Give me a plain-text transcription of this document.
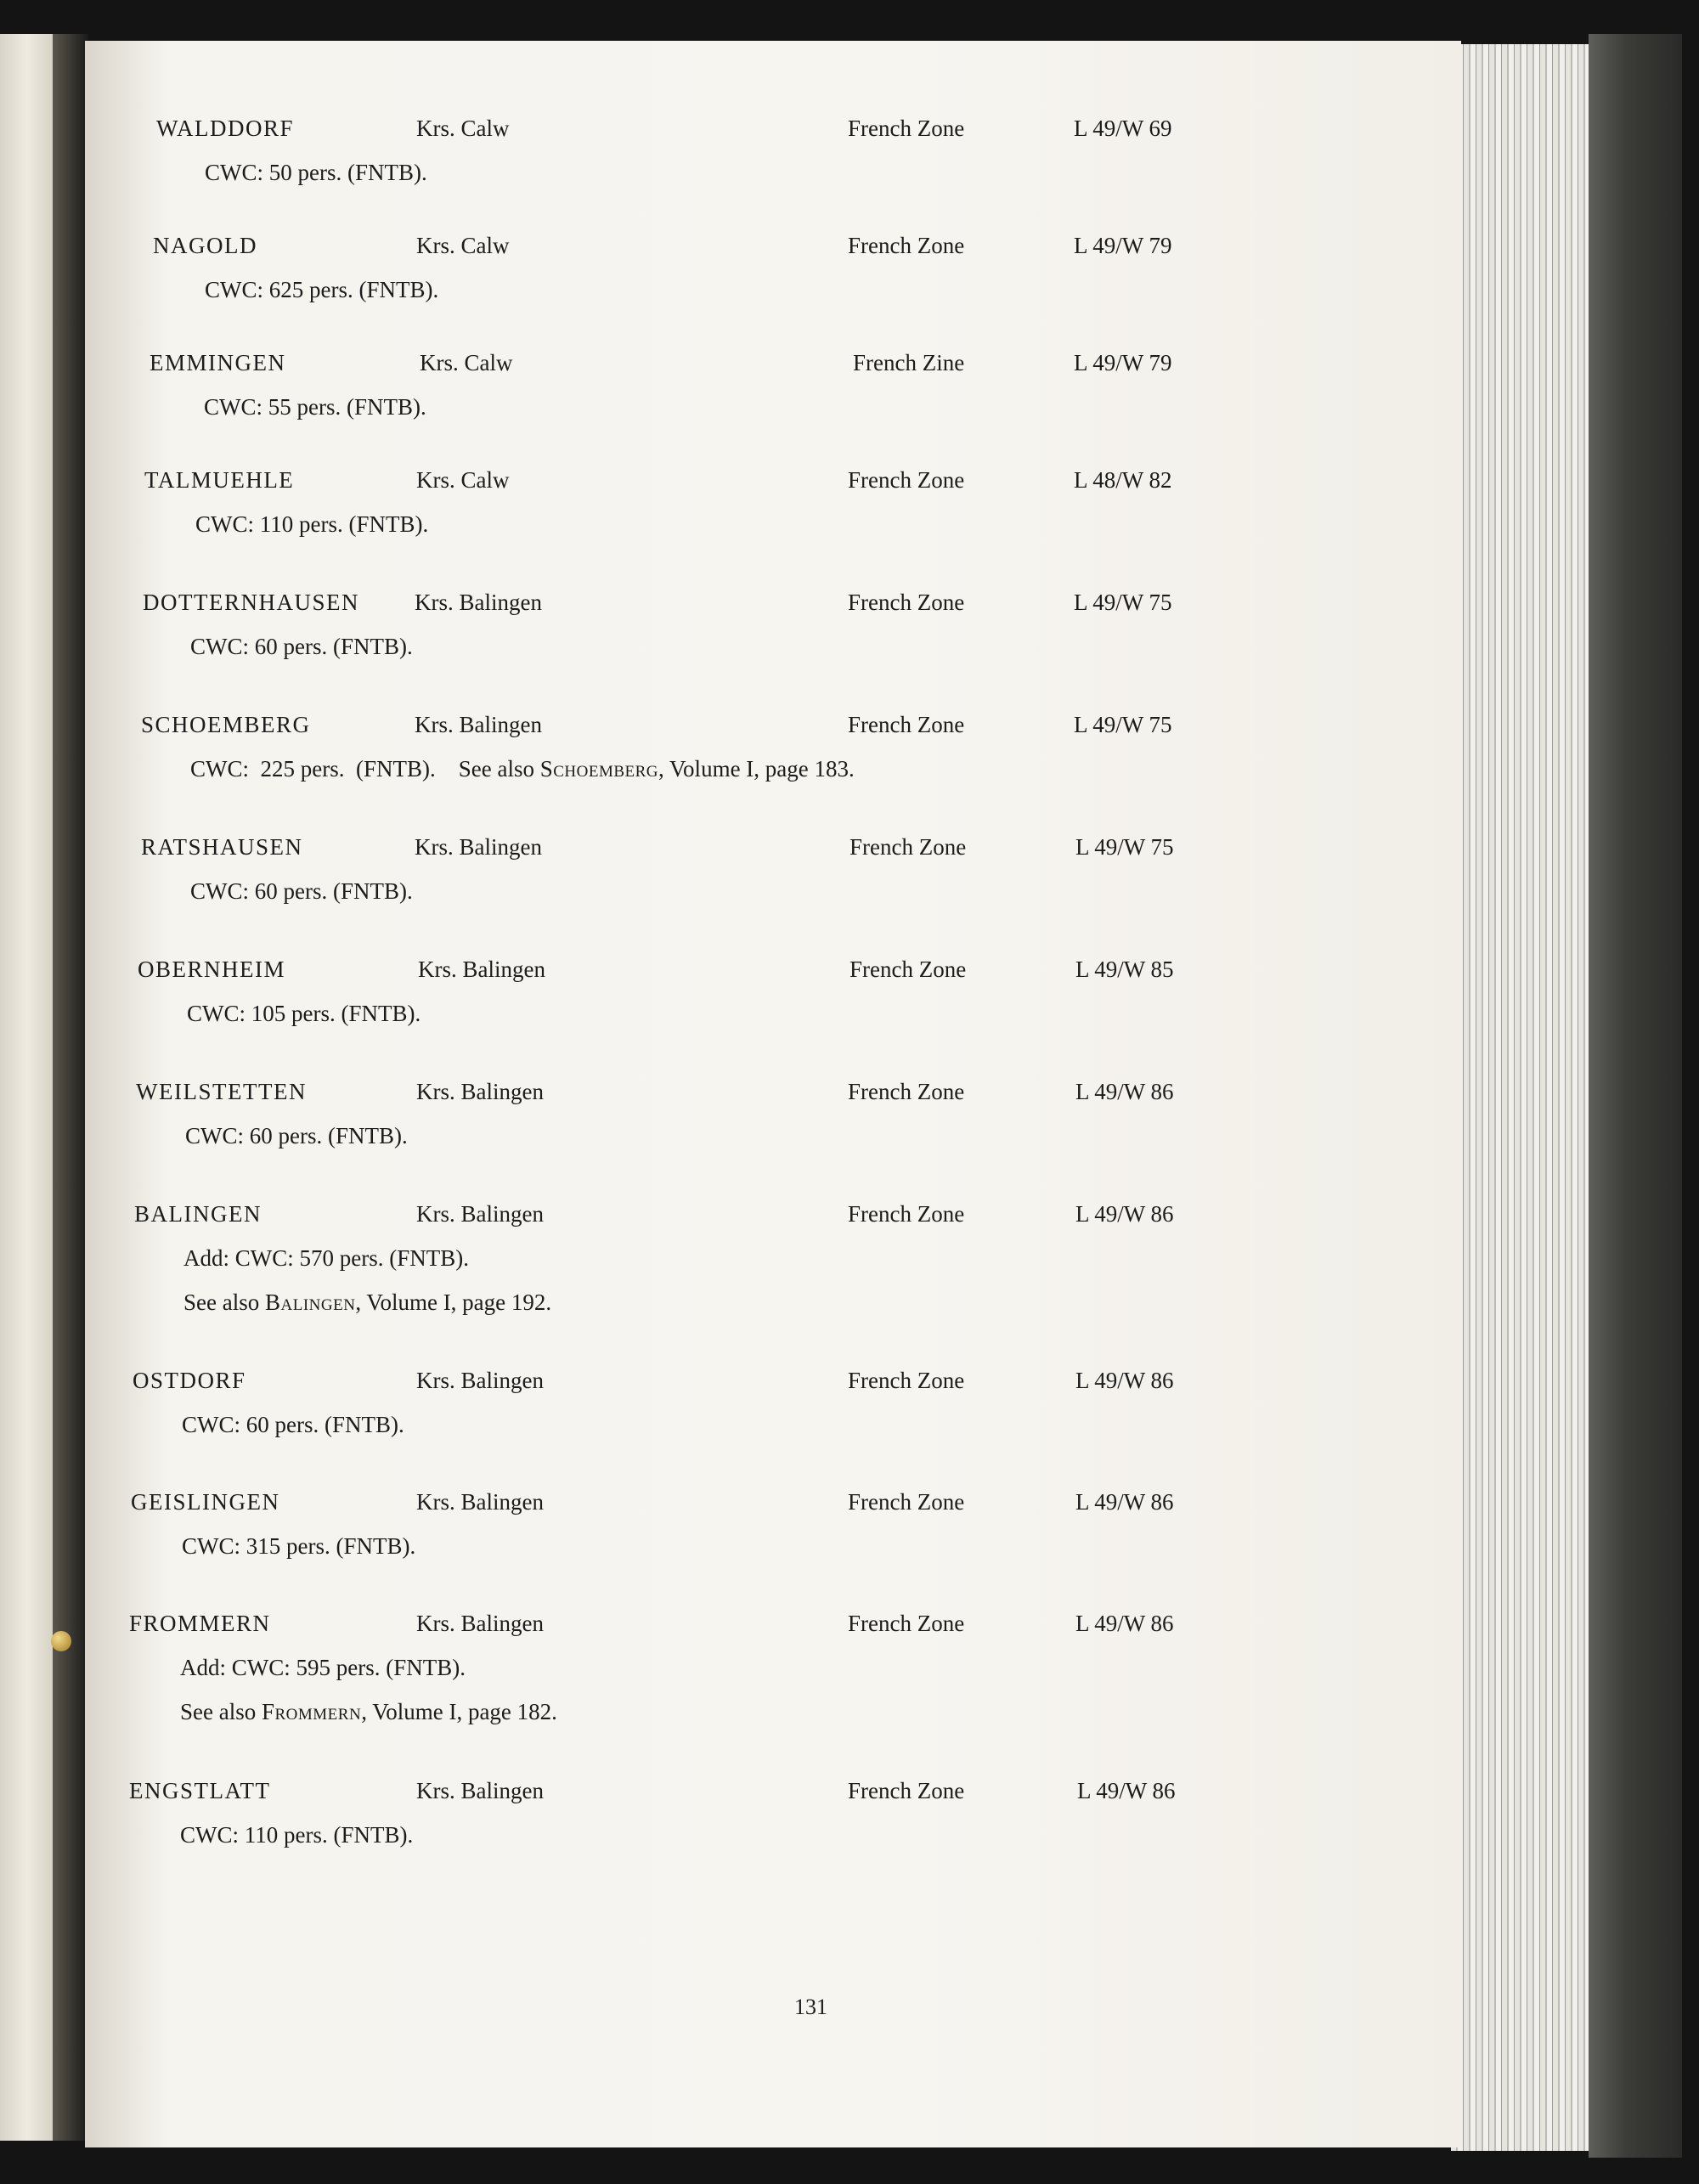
WALDDORF	Krs. Calw	French Zone	L 49/W 69
CWC: 50 pers. (FNTB).
NAGOLD	Krs. Calw	French Zone	L 49/W 79
CWC: 625 pers. (FNTB).
EMMINGEN	Krs. Calw	French Zine	L 49/W 79
CWC: 55 pers. (FNTB).
TALMUEHLE	Krs. Calw	French Zone	L 48/W 82
CWC: 110 pers. (FNTB).
DOTTERNHAUSEN Krs. Balingen	French Zone	L 49/W 75
CWC: 60 pers. (FNTB).
SCHOEMBERG	Krs. Balingen	French Zone	L 49/W 75
CWC:  225 pers.  (FNTB).    See also Schoemberg, Volume I, page 183.
RATSHAUSEN	Krs. Balingen	French Zone	L 49/W 75
CWC: 60 pers. (FNTB).
OBERNHEIM	Krs. Balingen	French Zone	L 49/W 85
CWC: 105 pers. (FNTB).
WEILSTETTEN	Krs. Balingen	French Zone	L 49/W 86
CWC: 60 pers. (FNTB).
BALINGEN	Krs. Balingen	French Zone	L 49/W 86
Add: CWC: 570 pers. (FNTB).
See also Balingen, Volume I, page 192.
OSTDORF	Krs. Balingen	French Zone	L 49/W 86
CWC: 60 pers. (FNTB).
GEISLINGEN	Krs. Balingen	French Zone	L 49/W 86
CWC: 315 pers. (FNTB).
FROMMERN	Krs. Balingen	French Zone	L 49/W 86
Add: CWC: 595 pers. (FNTB).
See also Frommern, Volume I, page 182.
ENGSTLATT	Krs. Balingen	French Zone	L 49/W 86
CWC: 110 pers. (FNTB).
131
